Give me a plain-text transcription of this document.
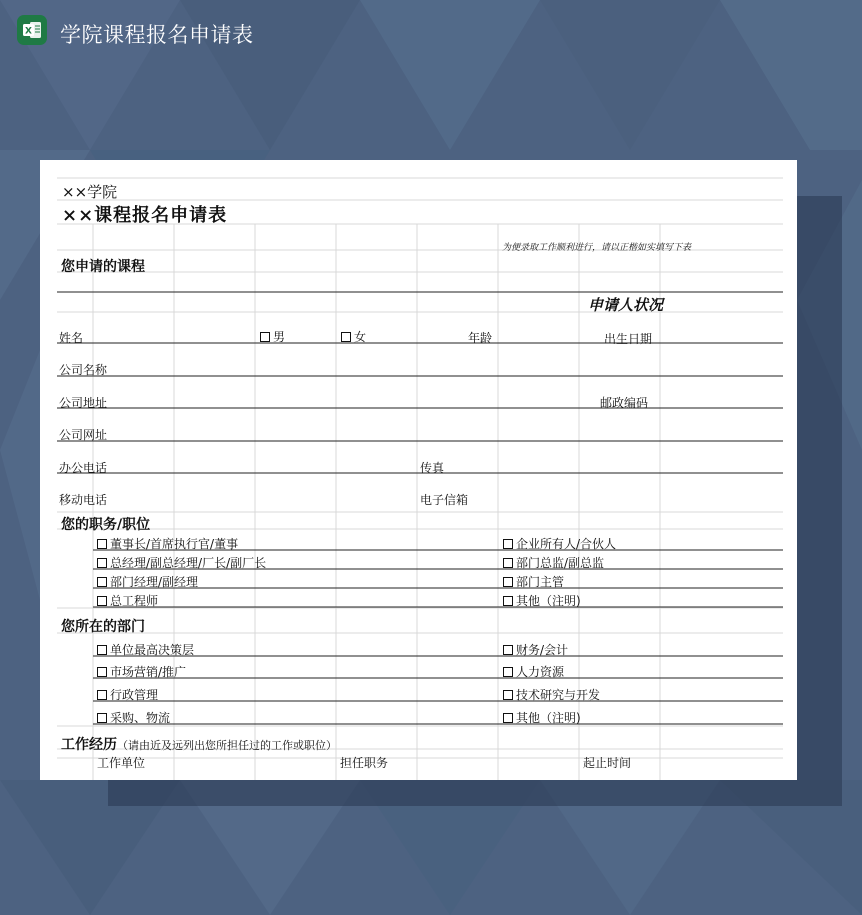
X 学院课程报名申请表
××学院
××课程报名申请表
为便录取工作顺利进行，请以正楷如实填写下表
您申请的课程
申请人状况
姓名	男	女	年龄	出生日期
公司名称
公司地址	邮政编码
公司网址
办公电话	传真
移动电话	电子信箱
您的职务/职位
董事长/首席执行官/董事	企业所有人/合伙人
总经理/副总经理/厂长/副厂长	部门总监/副总监
部门经理/副经理	部门主管
总工程师	其他（注明)
您所在的部门
单位最高决策层	财务/会计
市场营销/推广	人力资源
行政管理	技术研究与开发
采购、物流	其他（注明)
工作经历（请由近及远列出您所担任过的工作或职位）
工作单位	担任职务	起止时间
